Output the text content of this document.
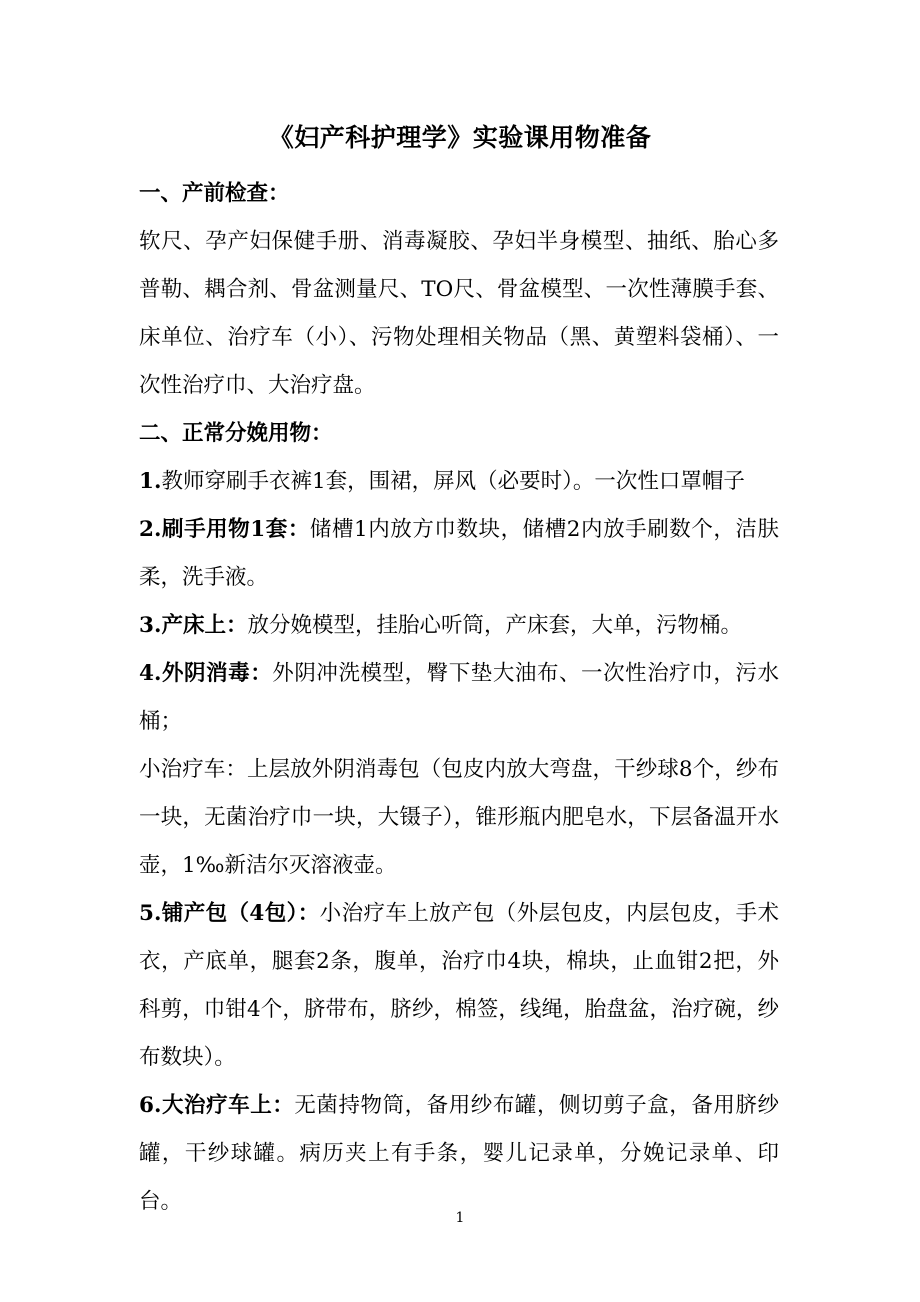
《妇产科护理学》实验课用物准备
一、产前检查：
软尺、孕产妇保健手册、消毒凝胶、孕妇半身模型、抽纸、胎心多普勒、耦合剂、骨盆测量尺、TO尺、骨盆模型、一次性薄膜手套、床单位、治疗车（小）、污物处理相关物品（黑、黄塑料袋桶）、一次性治疗巾、大治疗盘。
二、正常分娩用物：
1.教师穿刷手衣裤1套，围裙，屏风（必要时）。一次性口罩帽子
2.刷手用物1套：储槽1内放方巾数块，储槽2内放手刷数个，洁肤柔，洗手液。
3.产床上：放分娩模型，挂胎心听筒，产床套，大单，污物桶。
4.外阴消毒：外阴冲洗模型，臀下垫大油布、一次性治疗巾，污水桶；
小治疗车：上层放外阴消毒包（包皮内放大弯盘，干纱球8个，纱布一块，无菌治疗巾一块，大镊子），锥形瓶内肥皂水，下层备温开水壶，1‰新洁尔灭溶液壶。
5.铺产包（4包）：小治疗车上放产包（外层包皮，内层包皮，手术衣，产底单，腿套2条，腹单，治疗巾4块，棉块，止血钳2把，外科剪，巾钳4个，脐带布，脐纱，棉签，线绳，胎盘盆，治疗碗，纱布数块）。
6.大治疗车上：无菌持物筒，备用纱布罐，侧切剪子盒，备用脐纱罐，干纱球罐。病历夹上有手条，婴儿记录单，分娩记录单、印台。
1
